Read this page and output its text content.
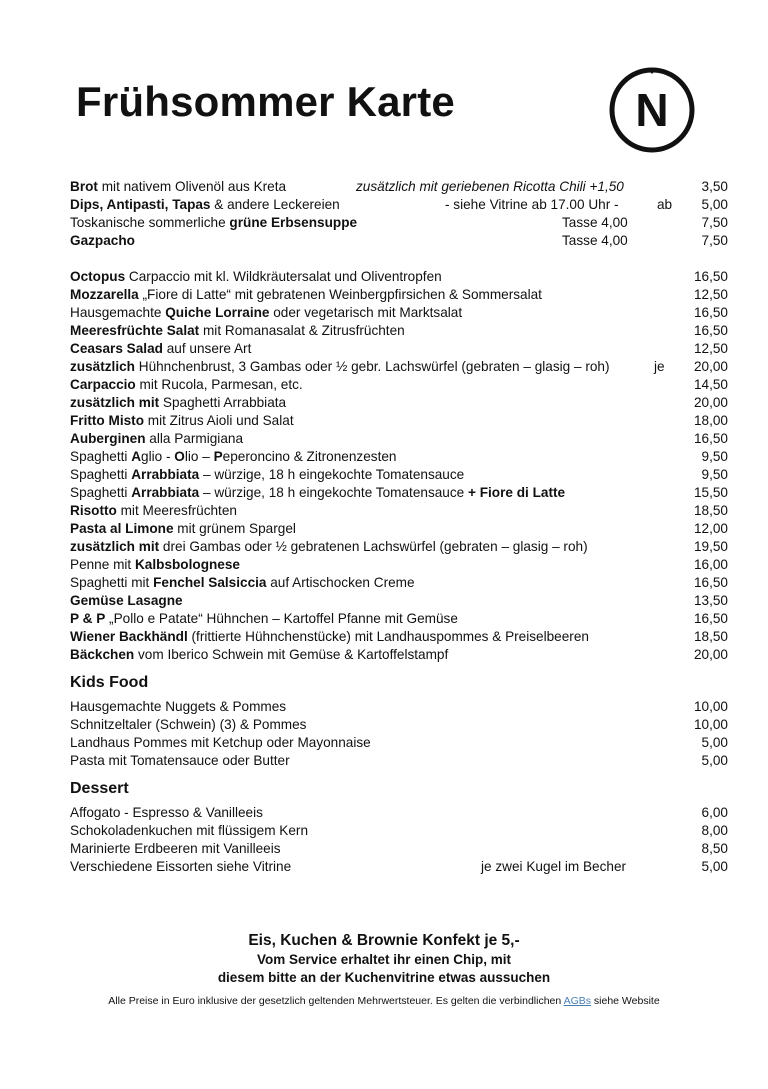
Frühsommer Karte	N
Brot mit nativem Olivenöl aus Kreta	zusätzlich mit geriebenen Ricotta Chili +1,50	3,50
Dips, Antipasti, Tapas & andere Leckereien	- siehe Vitrine ab 17.00 Uhr -	ab 5,00
Toskanische sommerliche grüne Erbsensuppe	Tasse 4,00	7,50
Gazpacho	Tasse 4,00	7,50
Octopus Carpaccio mit kl. Wildkräutersalat und Oliventropfen	16,50
Mozzarella „Fiore di Latte“ mit gebratenen Weinbergpfirsichen & Sommersalat	12,50
Hausgemachte Quiche Lorraine oder vegetarisch mit Marktsalat	16,50
Meeresfrüchte Salat mit Romanasalat & Zitrusfrüchten	16,50
Ceasars Salad auf unsere Art	12,50
zusätzlich Hühnchenbrust, 3 Gambas oder ½ gebr. Lachswürfel (gebraten – glasig – roh)	je 20,00
Carpaccio mit Rucola, Parmesan, etc.	14,50
zusätzlich mit Spaghetti Arrabbiata	20,00
Fritto Misto mit Zitrus Aioli und Salat	18,00
Auberginen alla Parmigiana	16,50
Spaghetti Aglio - Olio – Peperoncino & Zitronenzesten	9,50
Spaghetti Arrabbiata – würzige, 18 h eingekochte Tomatensauce	9,50
Spaghetti Arrabbiata – würzige, 18 h eingekochte Tomatensauce + Fiore di Latte	15,50
Risotto mit Meeresfrüchten	18,50
Pasta al Limone mit grünem Spargel	12,00
zusätzlich mit drei Gambas oder ½ gebratenen Lachswürfel (gebraten – glasig – roh)	19,50
Penne mit Kalbsbolognese	16,00
Spaghetti mit Fenchel Salsiccia auf Artischocken Creme	16,50
Gemüse Lasagne	13,50
P & P „Pollo e Patate“ Hühnchen – Kartoffel Pfanne mit Gemüse	16,50
Wiener Backhändl (frittierte Hühnchenstücke) mit Landhauspommes & Preiselbeeren	18,50
Bäckchen vom Iberico Schwein mit Gemüse & Kartoffelstampf	20,00
Kids Food
Hausgemachte Nuggets & Pommes	10,00
Schnitzeltaler (Schwein) (3) & Pommes	10,00
Landhaus Pommes mit Ketchup oder Mayonnaise	5,00
Pasta mit Tomatensauce oder Butter	5,00
Dessert
Affogato - Espresso & Vanilleeis	6,00
Schokoladenkuchen mit flüssigem Kern	8,00
Marinierte Erdbeeren mit Vanilleeis	8,50
Verschiedene Eissorten siehe Vitrine	je zwei Kugel im Becher	5,00
Eis, Kuchen & Brownie Konfekt je 5,-
Vom Service erhaltet ihr einen Chip, mit
diesem bitte an der Kuchenvitrine etwas aussuchen
Alle Preise in Euro inklusive der gesetzlich geltenden Mehrwertsteuer. Es gelten die verbindlichen AGBs siehe Website
